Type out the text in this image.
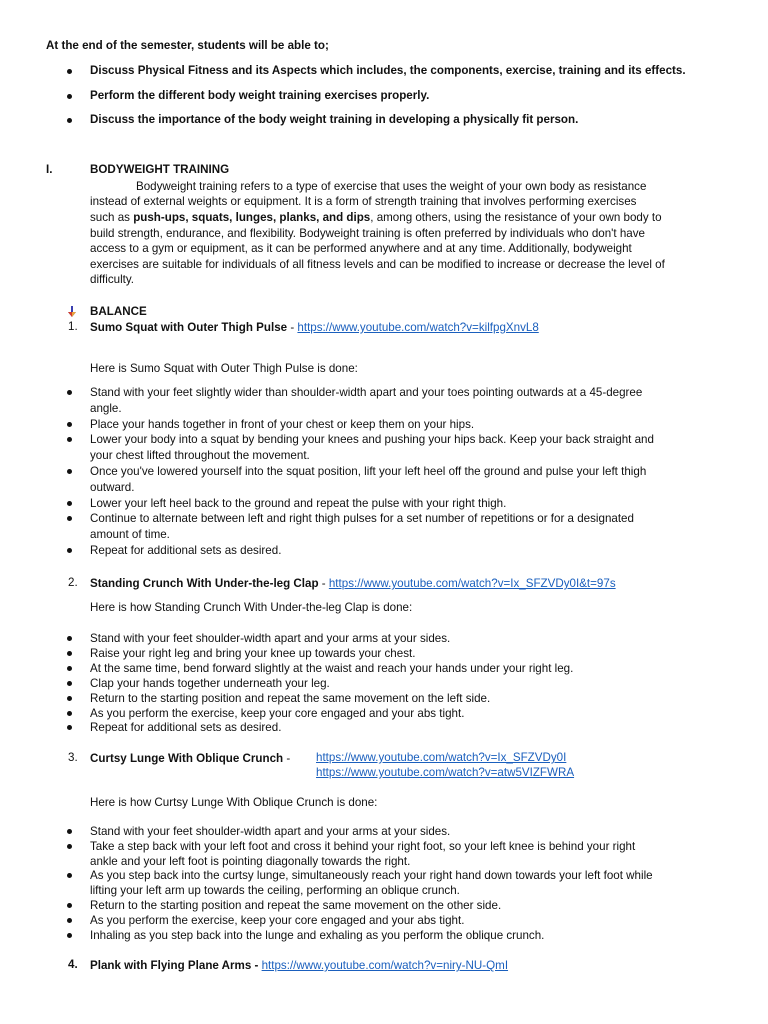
At the end of the semester, students will be able to;
Discuss Physical Fitness and its Aspects which includes, the components, exercise, training and its effects.
Perform the different body weight training exercises properly.
Discuss the importance of the body weight training in developing a physically fit person.
I.	BODYWEIGHT TRAINING
Bodyweight training refers to a type of exercise that uses the weight of your own body as resistance
instead of external weights or equipment. It is a form of strength training that involves performing exercises
such as push-ups, squats, lunges, planks, and dips, among others, using the resistance of your own body to
build strength, endurance, and flexibility. Bodyweight training is often preferred by individuals who don't have
access to a gym or equipment, as it can be performed anywhere and at any time. Additionally, bodyweight
exercises are suitable for individuals of all fitness levels and can be modified to increase or decrease the level of
difficulty.
BALANCE
1. Sumo Squat with Outer Thigh Pulse - https://www.youtube.com/watch?v=kilfpgXnvL8
Here is Sumo Squat with Outer Thigh Pulse is done:
Stand with your feet slightly wider than shoulder-width apart and your toes pointing outwards at a 45-degree
angle.
Place your hands together in front of your chest or keep them on your hips.
Lower your body into a squat by bending your knees and pushing your hips back. Keep your back straight and
your chest lifted throughout the movement.
Once you've lowered yourself into the squat position, lift your left heel off the ground and pulse your left thigh
outward.
Lower your left heel back to the ground and repeat the pulse with your right thigh.
Continue to alternate between left and right thigh pulses for a set number of repetitions or for a designated
amount of time.
Repeat for additional sets as desired.
2. Standing Crunch With Under-the-leg Clap - https://www.youtube.com/watch?v=Ix_SFZVDy0I&t=97s
Here is how Standing Crunch With Under-the-leg Clap is done:
Stand with your feet shoulder-width apart and your arms at your sides.
Raise your right leg and bring your knee up towards your chest.
At the same time, bend forward slightly at the waist and reach your hands under your right leg.
Clap your hands together underneath your leg.
Return to the starting position and repeat the same movement on the left side.
As you perform the exercise, keep your core engaged and your abs tight.
Repeat for additional sets as desired.
3. Curtsy Lunge With Oblique Crunch - https://www.youtube.com/watch?v=Ix_SFZVDy0I
https://www.youtube.com/watch?v=atw5VIZFWRA
Here is how Curtsy Lunge With Oblique Crunch is done:
Stand with your feet shoulder-width apart and your arms at your sides.
Take a step back with your left foot and cross it behind your right foot, so your left knee is behind your right
ankle and your left foot is pointing diagonally towards the right.
As you step back into the curtsy lunge, simultaneously reach your right hand down towards your left foot while
lifting your left arm up towards the ceiling, performing an oblique crunch.
Return to the starting position and repeat the same movement on the other side.
As you perform the exercise, keep your core engaged and your abs tight.
Inhaling as you step back into the lunge and exhaling as you perform the oblique crunch.
4. Plank with Flying Plane Arms - https://www.youtube.com/watch?v=niry-NU-QmI
